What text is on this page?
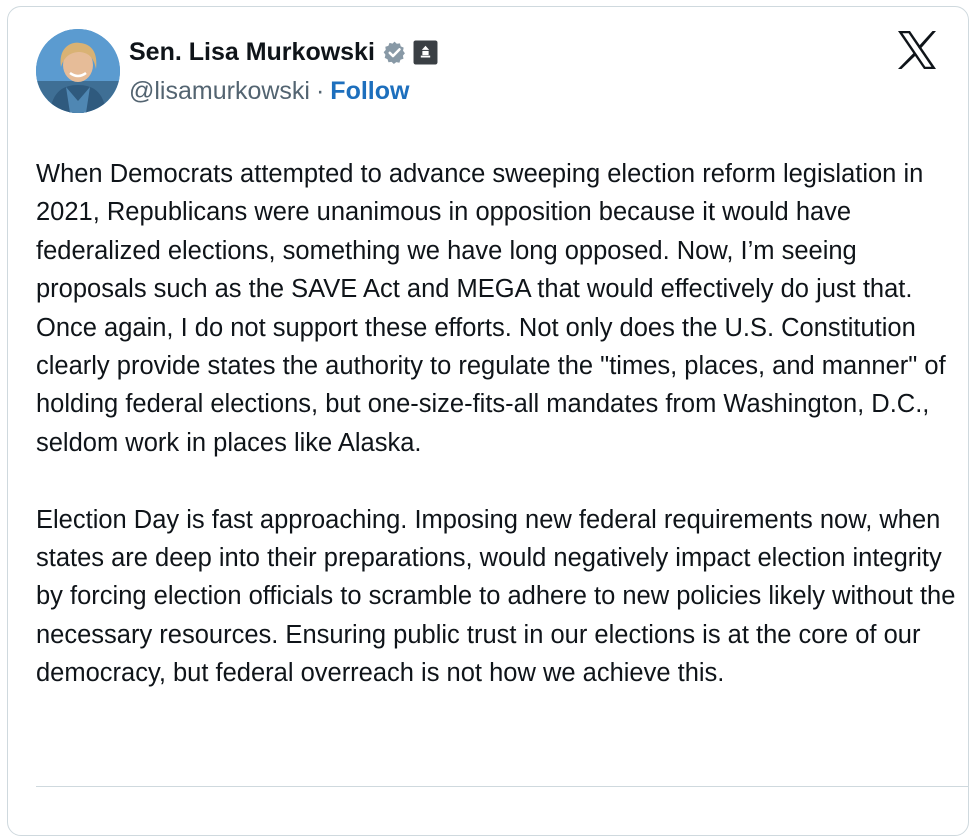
Sen. Lisa Murkowski
@lisamurkowski · Follow

When Democrats attempted to advance sweeping election reform legislation in 2021, Republicans were unanimous in opposition because it would have federalized elections, something we have long opposed. Now, I’m seeing proposals such as the SAVE Act and MEGA that would effectively do just that. Once again, I do not support these efforts. Not only does the U.S. Constitution clearly provide states the authority to regulate the "times, places, and manner" of holding federal elections, but one-size-fits-all mandates from Washington, D.C., seldom work in places like Alaska.

Election Day is fast approaching. Imposing new federal requirements now, when states are deep into their preparations, would negatively impact election integrity by forcing election officials to scramble to adhere to new policies likely without the necessary resources. Ensuring public trust in our elections is at the core of our democracy, but federal overreach is not how we achieve this.
